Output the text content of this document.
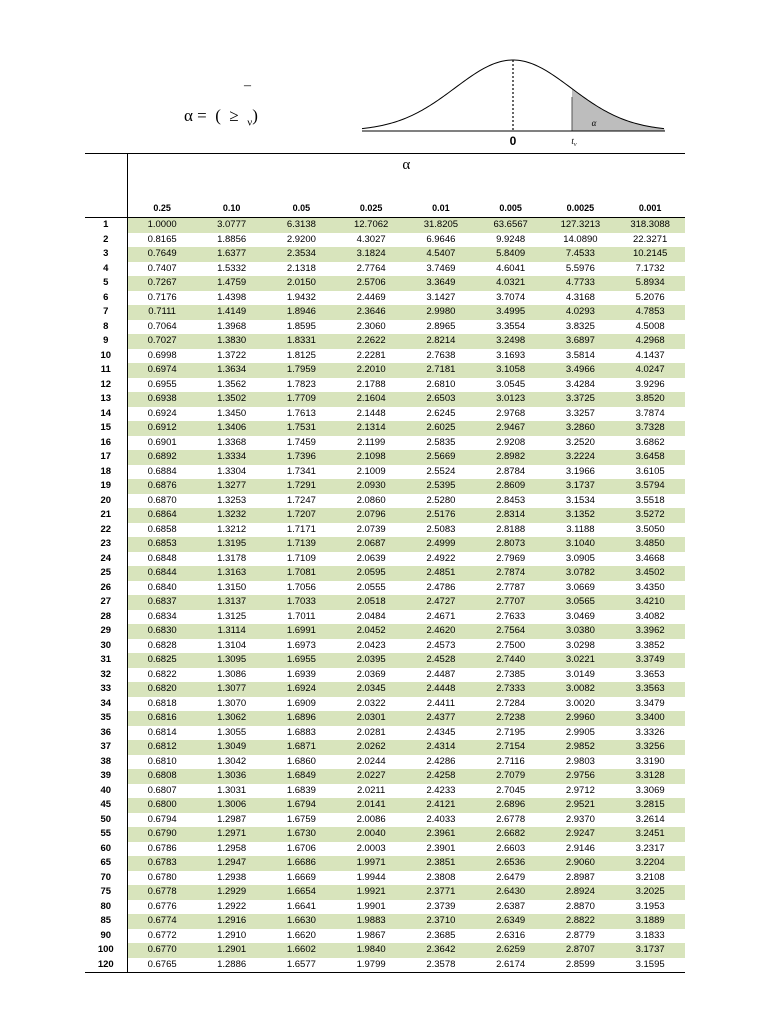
–
α =  (  ≥  $_\nu$)
0
α
$t_\nu$
	α							
	0.25	0.10	0.05	0.025	0.01	0.005	0.0025	0.001
1	1.0000	3.0777	6.3138	12.7062	31.8205	63.6567	127.3213	318.3088
2	0.8165	1.8856	2.9200	4.3027	6.9646	9.9248	14.0890	22.3271
3	0.7649	1.6377	2.3534	3.1824	4.5407	5.8409	7.4533	10.2145
4	0.7407	1.5332	2.1318	2.7764	3.7469	4.6041	5.5976	7.1732
5	0.7267	1.4759	2.0150	2.5706	3.3649	4.0321	4.7733	5.8934
6	0.7176	1.4398	1.9432	2.4469	3.1427	3.7074	4.3168	5.2076
7	0.7111	1.4149	1.8946	2.3646	2.9980	3.4995	4.0293	4.7853
8	0.7064	1.3968	1.8595	2.3060	2.8965	3.3554	3.8325	4.5008
9	0.7027	1.3830	1.8331	2.2622	2.8214	3.2498	3.6897	4.2968
10	0.6998	1.3722	1.8125	2.2281	2.7638	3.1693	3.5814	4.1437
11	0.6974	1.3634	1.7959	2.2010	2.7181	3.1058	3.4966	4.0247
12	0.6955	1.3562	1.7823	2.1788	2.6810	3.0545	3.4284	3.9296
13	0.6938	1.3502	1.7709	2.1604	2.6503	3.0123	3.3725	3.8520
14	0.6924	1.3450	1.7613	2.1448	2.6245	2.9768	3.3257	3.7874
15	0.6912	1.3406	1.7531	2.1314	2.6025	2.9467	3.2860	3.7328
16	0.6901	1.3368	1.7459	2.1199	2.5835	2.9208	3.2520	3.6862
17	0.6892	1.3334	1.7396	2.1098	2.5669	2.8982	3.2224	3.6458
18	0.6884	1.3304	1.7341	2.1009	2.5524	2.8784	3.1966	3.6105
19	0.6876	1.3277	1.7291	2.0930	2.5395	2.8609	3.1737	3.5794
20	0.6870	1.3253	1.7247	2.0860	2.5280	2.8453	3.1534	3.5518
21	0.6864	1.3232	1.7207	2.0796	2.5176	2.8314	3.1352	3.5272
22	0.6858	1.3212	1.7171	2.0739	2.5083	2.8188	3.1188	3.5050
23	0.6853	1.3195	1.7139	2.0687	2.4999	2.8073	3.1040	3.4850
24	0.6848	1.3178	1.7109	2.0639	2.4922	2.7969	3.0905	3.4668
25	0.6844	1.3163	1.7081	2.0595	2.4851	2.7874	3.0782	3.4502
26	0.6840	1.3150	1.7056	2.0555	2.4786	2.7787	3.0669	3.4350
27	0.6837	1.3137	1.7033	2.0518	2.4727	2.7707	3.0565	3.4210
28	0.6834	1.3125	1.7011	2.0484	2.4671	2.7633	3.0469	3.4082
29	0.6830	1.3114	1.6991	2.0452	2.4620	2.7564	3.0380	3.3962
30	0.6828	1.3104	1.6973	2.0423	2.4573	2.7500	3.0298	3.3852
31	0.6825	1.3095	1.6955	2.0395	2.4528	2.7440	3.0221	3.3749
32	0.6822	1.3086	1.6939	2.0369	2.4487	2.7385	3.0149	3.3653
33	0.6820	1.3077	1.6924	2.0345	2.4448	2.7333	3.0082	3.3563
34	0.6818	1.3070	1.6909	2.0322	2.4411	2.7284	3.0020	3.3479
35	0.6816	1.3062	1.6896	2.0301	2.4377	2.7238	2.9960	3.3400
36	0.6814	1.3055	1.6883	2.0281	2.4345	2.7195	2.9905	3.3326
37	0.6812	1.3049	1.6871	2.0262	2.4314	2.7154	2.9852	3.3256
38	0.6810	1.3042	1.6860	2.0244	2.4286	2.7116	2.9803	3.3190
39	0.6808	1.3036	1.6849	2.0227	2.4258	2.7079	2.9756	3.3128
40	0.6807	1.3031	1.6839	2.0211	2.4233	2.7045	2.9712	3.3069
45	0.6800	1.3006	1.6794	2.0141	2.4121	2.6896	2.9521	3.2815
50	0.6794	1.2987	1.6759	2.0086	2.4033	2.6778	2.9370	3.2614
55	0.6790	1.2971	1.6730	2.0040	2.3961	2.6682	2.9247	3.2451
60	0.6786	1.2958	1.6706	2.0003	2.3901	2.6603	2.9146	3.2317
65	0.6783	1.2947	1.6686	1.9971	2.3851	2.6536	2.9060	3.2204
70	0.6780	1.2938	1.6669	1.9944	2.3808	2.6479	2.8987	3.2108
75	0.6778	1.2929	1.6654	1.9921	2.3771	2.6430	2.8924	3.2025
80	0.6776	1.2922	1.6641	1.9901	2.3739	2.6387	2.8870	3.1953
85	0.6774	1.2916	1.6630	1.9883	2.3710	2.6349	2.8822	3.1889
90	0.6772	1.2910	1.6620	1.9867	2.3685	2.6316	2.8779	3.1833
100	0.6770	1.2901	1.6602	1.9840	2.3642	2.6259	2.8707	3.1737
120	0.6765	1.2886	1.6577	1.9799	2.3578	2.6174	2.8599	3.1595
